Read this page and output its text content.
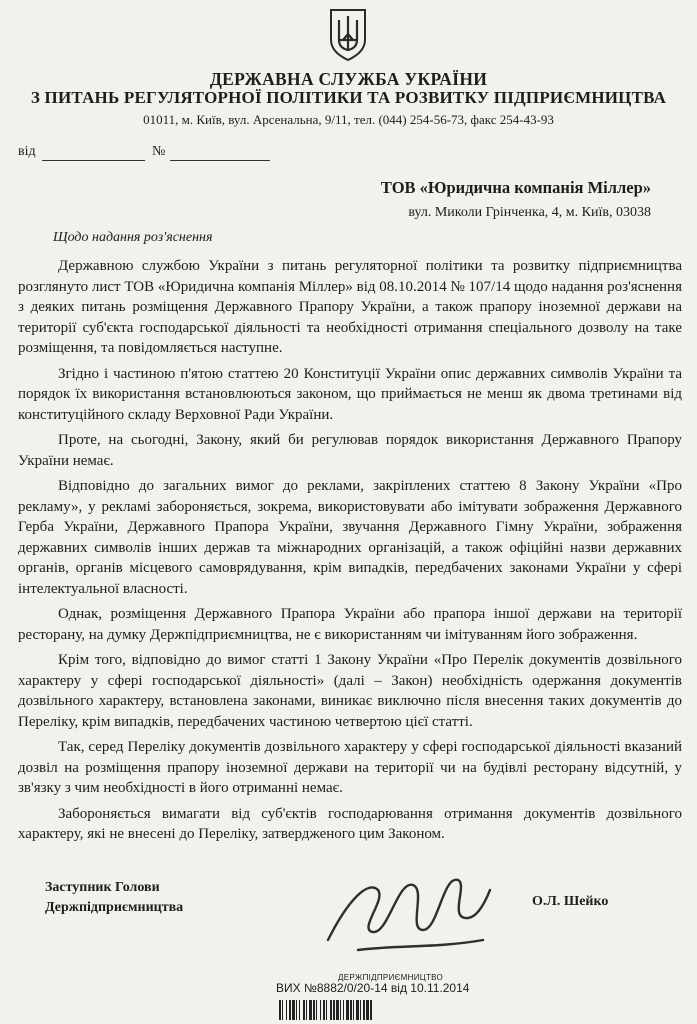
ДЕРЖАВНА СЛУЖБА УКРАЇНИ
З ПИТАНЬ РЕГУЛЯТОРНОЇ ПОЛІТИКИ ТА РОЗВИТКУ ПІДПРИЄМНИЦТВА
01011, м. Київ, вул. Арсенальна, 9/11, тел. (044) 254-56-73, факс 254-43-93
від	№
ТОВ «Юридична компанія Міллер»
вул. Миколи Грінченка, 4, м. Київ, 03038
Щодо надання роз'яснення

Державною службою України з питань регуляторної політики та розвитку підприємництва розглянуто лист ТОВ «Юридична компанія Міллер» від 08.10.2014 № 107/14 щодо надання роз'яснення з деяких питань розміщення Державного Прапору України, а також прапору іноземної держави на території суб'єкта господарської діяльності та необхідності отримання спеціального дозволу на таке розміщення, та повідомляється наступне.

Згідно і частиною п'ятою статтею 20 Конституції України опис державних символів України та порядок їх використання встановлюються законом, що приймається не менш як двома третинами від конституційного складу Верховної Ради України.

Проте, на сьогодні, Закону, який би регулював порядок використання Державного Прапору України немає.

Відповідно до загальних вимог до реклами, закріплених статтею 8 Закону України «Про рекламу», у рекламі забороняється, зокрема, використовувати або імітувати зображення Державного Герба України, Державного Прапора України, звучання Державного Гімну України, зображення державних символів інших держав та міжнародних організацій, а також офіційні назви державних органів, органів місцевого самоврядування, крім випадків, передбачених законами України у сфері інтелектуальної власності.

Однак, розміщення Державного Прапора України або прапора іншої держави на території ресторану, на думку Держпідприємництва, не є використанням чи імітуванням його зображення.

Крім того, відповідно до вимог статті 1 Закону України «Про Перелік документів дозвільного характеру у сфері господарської діяльності» (далі – Закон) необхідність одержання документів дозвільного характеру, встановлена законами, виникає виключно після внесення таких документів до Переліку, крім випадків, передбачених частиною четвертою цієї статті.

Так, серед Переліку документів дозвільного характеру у сфері господарської діяльності вказаний дозвіл на розміщення прапору іноземної держави на території чи на будівлі ресторану відсутній, у зв'язку з чим необхідності в його отриманні немає.

Забороняється вимагати від суб'єктів господарювання отримання документів дозвільного характеру, які не внесені до Переліку, затвердженого цим Законом.

Заступник Голови
Держпідприємництва	О.Л. Шейко
ДЕРЖПІДПРИЄМНИЦТВО
ВИХ №8882/0/20-14 від 10.11.2014
